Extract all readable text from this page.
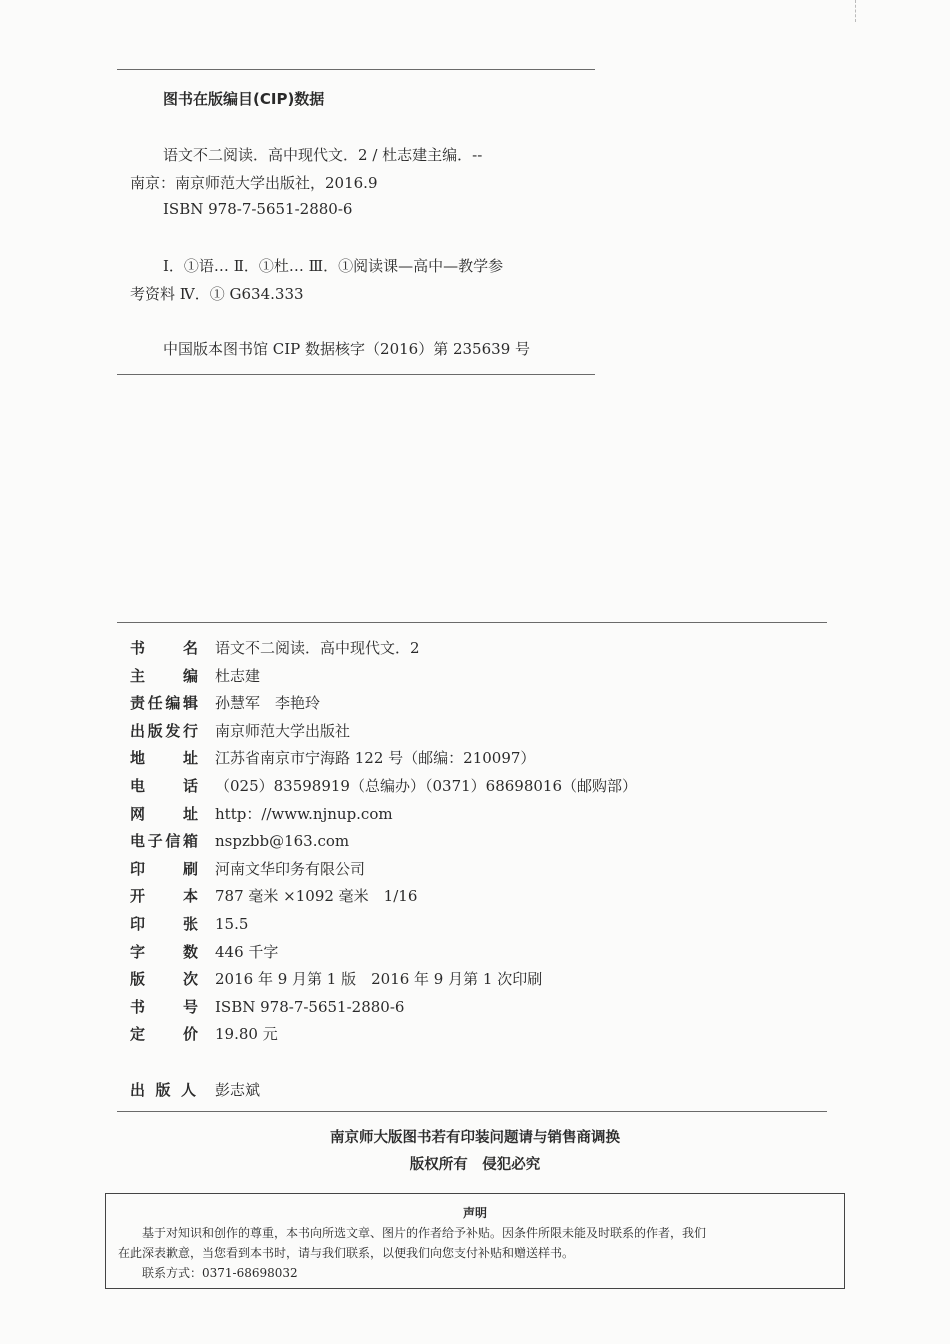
图书在版编目(CIP)数据
语文不二阅读．高中现代文．2 / 杜志建主编．--
南京：南京师范大学出版社，2016.9
ISBN 978-7-5651-2880-6
Ⅰ．①语… Ⅱ．①杜… Ⅲ．①阅读课—高中—教学参
考资料 Ⅳ．① G634.333
中国版本图书馆 CIP 数据核字（2016）第 235639 号
书名 语文不二阅读．高中现代文．2
主编 杜志建
责任编辑 孙慧军　李艳玲
出版发行 南京师范大学出版社
地址 江苏省南京市宁海路 122 号（邮编：210097）
电话 （025）83598919（总编办）（0371）68698016（邮购部）
网址 http：//www.njnup.com
电子信箱 nspzbb@163.com
印刷 河南文华印务有限公司
开本 787 毫米 ×1092 毫米　1/16
印张 15.5
字数 446 千字
版次 2016 年 9 月第 1 版　2016 年 9 月第 1 次印刷
书号 ISBN 978-7-5651-2880-6
定价 19.80 元
出版人 彭志斌
南京师大版图书若有印装问题请与销售商调换
版权所有　侵犯必究
声明
基于对知识和创作的尊重，本书向所选文章、图片的作者给予补贴。因条件所限未能及时联系的作者，我们
在此深表歉意，当您看到本书时，请与我们联系，以便我们向您支付补贴和赠送样书。
联系方式：0371-68698032
